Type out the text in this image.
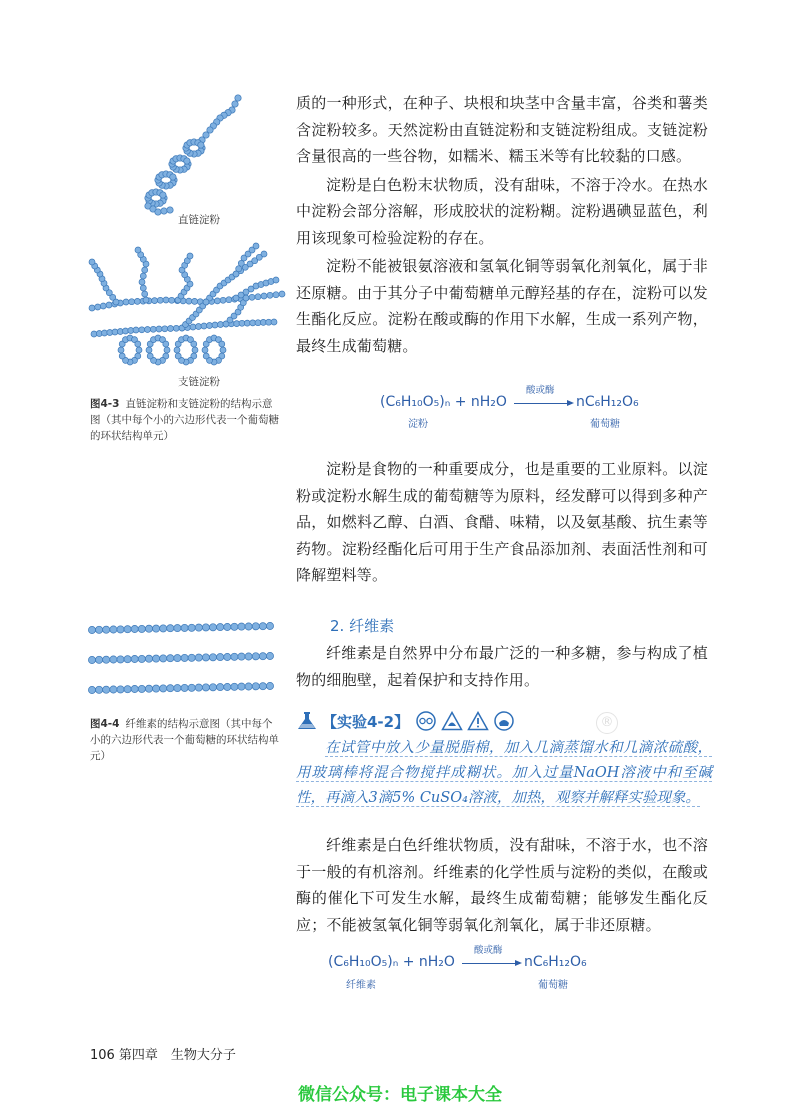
直链淀粉
支链淀粉
图4-3 直链淀粉和支链淀粉的结构示意图（其中每个小的六边形代表一个葡萄糖的环状结构单元）
图4-4 纤维素的结构示意图（其中每个小的六边形代表一个葡萄糖的环状结构单元）

质的一种形式，在种子、块根和块茎中含量丰富，谷类和薯类含淀粉较多。天然淀粉由直链淀粉和支链淀粉组成。支链淀粉含量很高的一些谷物，如糯米、糯玉米等有比较黏的口感。

淀粉是白色粉末状物质，没有甜味，不溶于冷水。在热水中淀粉会部分溶解，形成胶状的淀粉糊。淀粉遇碘显蓝色，利用该现象可检验淀粉的存在。

淀粉不能被银氨溶液和氢氧化铜等弱氧化剂氧化，属于非还原糖。由于其分子中葡萄糖单元醇羟基的存在，淀粉可以发生酯化反应。淀粉在酸或酶的作用下水解，生成一系列产物，最终生成葡萄糖。

(C₆H₁₀O₅)ₙ + nH₂O
酸或酶
→ nC₆H₁₂O₆
淀粉	葡萄糖

淀粉是食物的一种重要成分，也是重要的工业原料。以淀粉或淀粉水解生成的葡萄糖等为原料，经发酵可以得到多种产品，如燃料乙醇、白酒、食醋、味精，以及氨基酸、抗生素等药物。淀粉经酯化后可用于生产食品添加剂、表面活性剂和可降解塑料等。

2. 纤维素

纤维素是自然界中分布最广泛的一种多糖，参与构成了植物的细胞壁，起着保护和支持作用。

【实验4-2】

在试管中放入少量脱脂棉，加入几滴蒸馏水和几滴浓硫酸，用玻璃棒将混合物搅拌成糊状。加入过量NaOH溶液中和至碱性，再滴入3滴5% CuSO₄溶液，加热，观察并解释实验现象。

®

纤维素是白色纤维状物质，没有甜味，不溶于水，也不溶于一般的有机溶剂。纤维素的化学性质与淀粉的类似，在酸或酶的催化下可发生水解，最终生成葡萄糖；能够发生酯化反应；不能被氢氧化铜等弱氧化剂氧化，属于非还原糖。

(C₆H₁₀O₅)ₙ + nH₂O
酸或酶
→ nC₆H₁₂O₆
纤维素	葡萄糖
106 第四章　生物大分子
微信公众号：电子课本大全
